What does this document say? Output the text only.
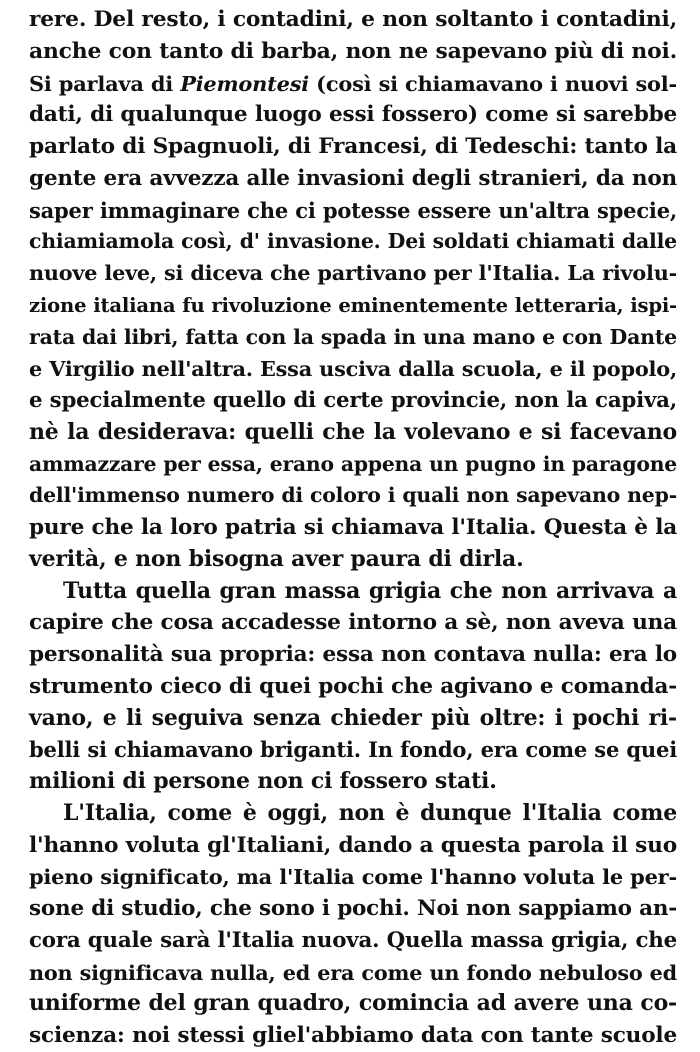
rere. Del resto, i contadini, e non soltanto i contadini,
anche con tanto di barba, non ne sapevano più di noi.
Si parlava di Piemontesi (così si chiamavano i nuovi sol-
dati, di qualunque luogo essi fossero) come si sarebbe
parlato di Spagnuoli, di Francesi, di Tedeschi: tanto la
gente era avvezza alle invasioni degli stranieri, da non
saper immaginare che ci potesse essere un'altra specie,
chiamiamola così, d' invasione. Dei soldati chiamati dalle
nuove leve, si diceva che partivano per l'Italia. La rivolu-
zione italiana fu rivoluzione eminentemente letteraria, ispi-
rata dai libri, fatta con la spada in una mano e con Dante
e Virgilio nell'altra. Essa usciva dalla scuola, e il popolo,
e specialmente quello di certe provincie, non la capiva,
nè la desiderava: quelli che la volevano e si facevano
ammazzare per essa, erano appena un pugno in paragone
dell'immenso numero di coloro i quali non sapevano nep-
pure che la loro patria si chiamava l'Italia. Questa è la
verità, e non bisogna aver paura di dirla.
Tutta quella gran massa grigia che non arrivava a
capire che cosa accadesse intorno a sè, non aveva una
personalità sua propria: essa non contava nulla: era lo
strumento cieco di quei pochi che agivano e comanda-
vano, e li seguiva senza chieder più oltre: i pochi ri-
belli si chiamavano briganti. In fondo, era come se quei
milioni di persone non ci fossero stati.
L'Italia, come è oggi, non è dunque l'Italia come
l'hanno voluta gl'Italiani, dando a questa parola il suo
pieno significato, ma l'Italia come l'hanno voluta le per-
sone di studio, che sono i pochi. Noi non sappiamo an-
cora quale sarà l'Italia nuova. Quella massa grigia, che
non significava nulla, ed era come un fondo nebuloso ed
uniforme del gran quadro, comincia ad avere una co-
scienza: noi stessi gliel'abbiamo data con tante scuole
